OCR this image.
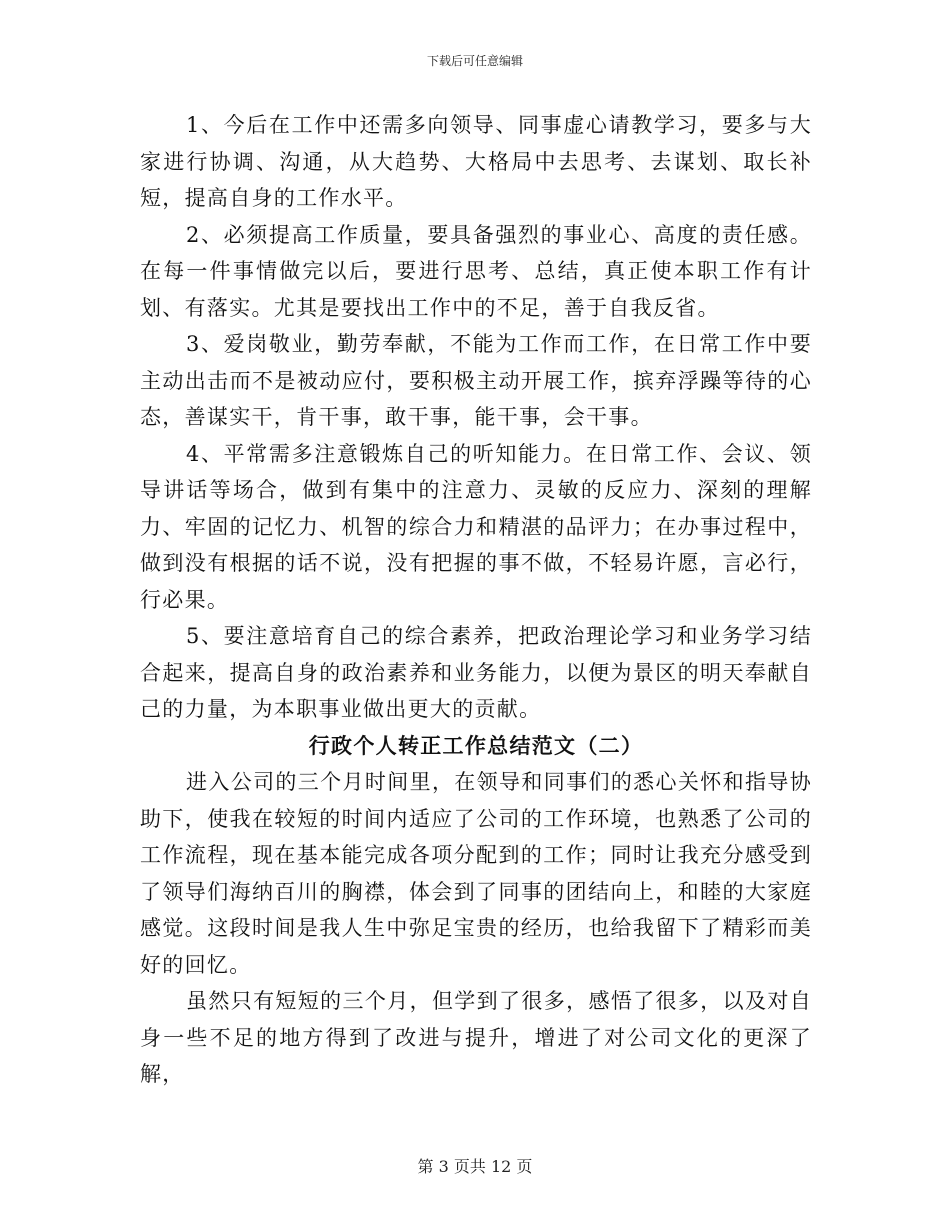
下载后可任意编辑

1、今后在工作中还需多向领导、同事虚心请教学习，要多与大家进行协调、沟通，从大趋势、大格局中去思考、去谋划、取长补短，提高自身的工作水平。

2、必须提高工作质量，要具备强烈的事业心、高度的责任感。在每一件事情做完以后，要进行思考、总结，真正使本职工作有计划、有落实。尤其是要找出工作中的不足，善于自我反省。

3、爱岗敬业，勤劳奉献，不能为工作而工作，在日常工作中要主动出击而不是被动应付，要积极主动开展工作，摈弃浮躁等待的心态，善谋实干，肯干事，敢干事，能干事，会干事。

4、平常需多注意锻炼自己的听知能力。在日常工作、会议、领导讲话等场合，做到有集中的注意力、灵敏的反应力、深刻的理解力、牢固的记忆力、机智的综合力和精湛的品评力；在办事过程中，做到没有根据的话不说，没有把握的事不做，不轻易许愿，言必行，行必果。

5、要注意培育自己的综合素养，把政治理论学习和业务学习结合起来，提高自身的政治素养和业务能力，以便为景区的明天奉献自己的力量，为本职事业做出更大的贡献。

行政个人转正工作总结范文（二）

进入公司的三个月时间里，在领导和同事们的悉心关怀和指导协助下，使我在较短的时间内适应了公司的工作环境，也熟悉了公司的工作流程，现在基本能完成各项分配到的工作；同时让我充分感受到了领导们海纳百川的胸襟，体会到了同事的团结向上，和睦的大家庭感觉。这段时间是我人生中弥足宝贵的经历，也给我留下了精彩而美好的回忆。

虽然只有短短的三个月，但学到了很多，感悟了很多，以及对自身一些不足的地方得到了改进与提升，增进了对公司文化的更深了解，

第 3 页共 12 页
